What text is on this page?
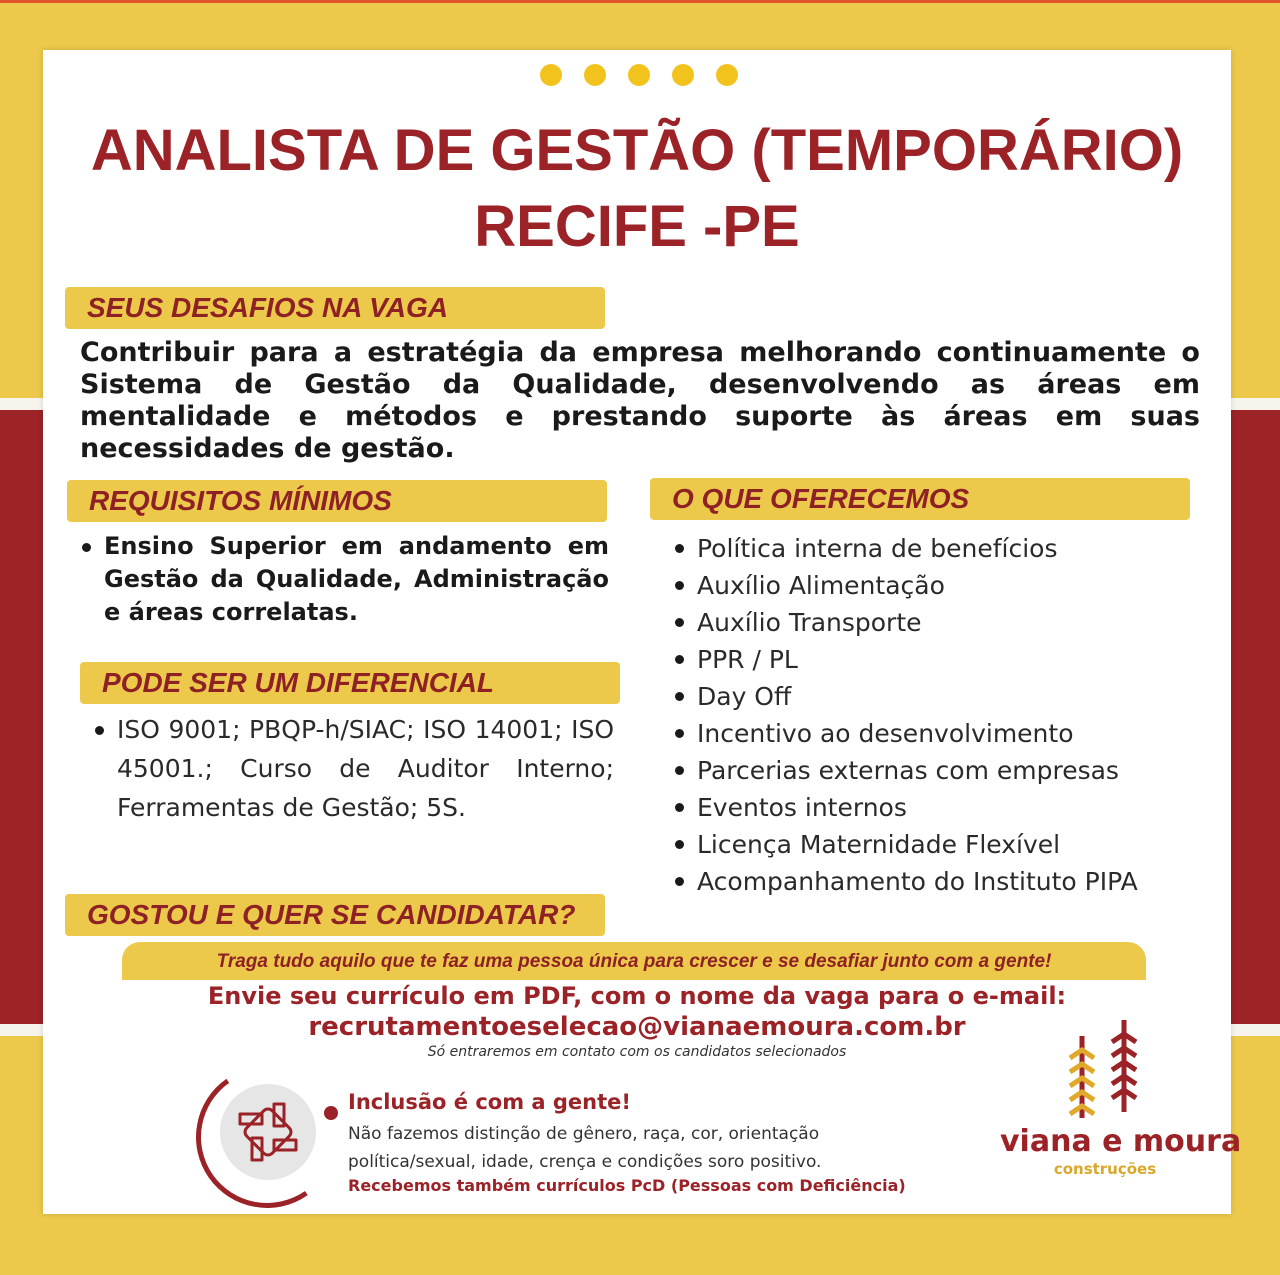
ANALISTA DE GESTÃO (TEMPORÁRIO)
RECIFE -PE
SEUS DESAFIOS NA VAGA
Contribuir para a estratégia da empresa melhorando continuamente o Sistema de Gestão da Qualidade, desenvolvendo as áreas em mentalidade e métodos e prestando suporte às áreas em suas necessidades de gestão.
REQUISITOS MÍNIMOS
Ensino Superior em andamento em Gestão da Qualidade, Administração e áreas correlatas.
O QUE OFERECEMOS
Política interna de benefícios
Auxílio Alimentação
Auxílio Transporte
PPR / PL
Day Off
Incentivo ao desenvolvimento
Parcerias externas com empresas
Eventos internos
Licença Maternidade Flexível
Acompanhamento do Instituto PIPA
PODE SER UM DIFERENCIAL
ISO 9001; PBQP-h/SIAC; ISO 14001; ISO 45001.; Curso de Auditor Interno; Ferramentas de Gestão; 5S.
GOSTOU E QUER SE CANDIDATAR?
Traga tudo aquilo que te faz uma pessoa única para crescer e se desafiar junto com a gente!
Envie seu currículo em PDF, com o nome da vaga para o e-mail:
recrutamentoeselecao@vianaemoura.com.br
Só entraremos em contato com os candidatos selecionados
Inclusão é com a gente!
Não fazemos distinção de gênero, raça, cor, orientação
política/sexual, idade, crença e condições soro positivo.
Recebemos também currículos PcD (Pessoas com Deficiência)
viana e moura
construções
